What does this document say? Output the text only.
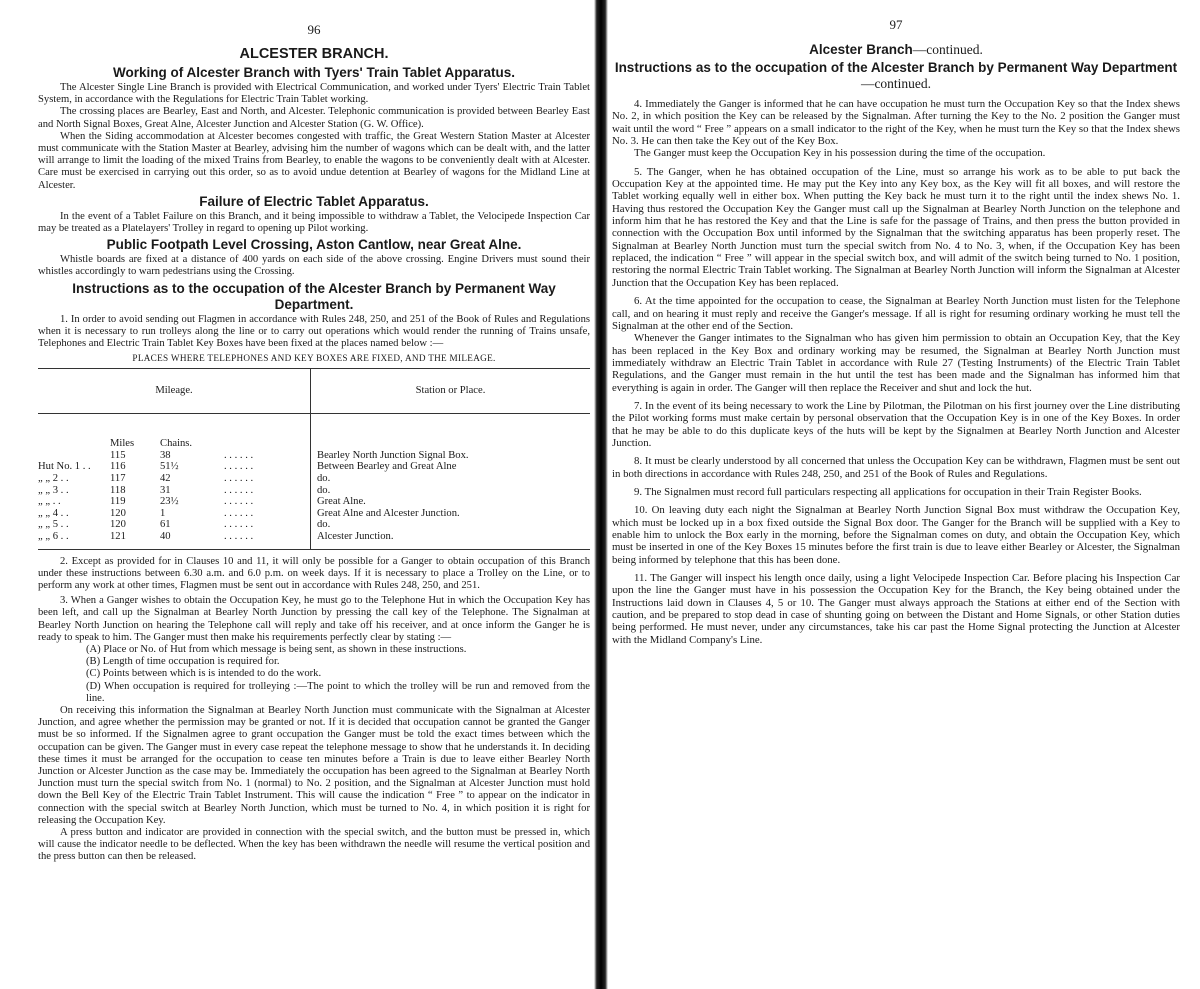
96
ALCESTER BRANCH.
Working of Alcester Branch with Tyers' Train Tablet Apparatus.

The Alcester Single Line Branch is provided with Electrical Communication, and worked under Tyers' Electric Train Tablet System, in accordance with the Regulations for Electric Train Tablet working.

The crossing places are Bearley, East and North, and Alcester. Telephonic communication is provided between Bearley East and North Signal Boxes, Great Alne, Alcester Junction and Alcester Station (G. W. Office).

When the Siding accommodation at Alcester becomes congested with traffic, the Great Western Station Master at Alcester must communicate with the Station Master at Bearley, advising him the number of wagons which can be dealt with, and the latter will arrange to limit the loading of the mixed Trains from Bearley, to enable the wagons to be conveniently dealt with at Alcester. Care must be exercised in carrying out this order, so as to avoid undue detention at Bearley of wagons for the Midland Line at Alcester.

Failure of Electric Tablet Apparatus.

In the event of a Tablet Failure on this Branch, and it being impossible to withdraw a Tablet, the Velocipede Inspection Car may be treated as a Platelayers' Trolley in regard to opening up Pilot working.

Public Footpath Level Crossing, Aston Cantlow, near Great Alne.

Whistle boards are fixed at a distance of 400 yards on each side of the above crossing. Engine Drivers must sound their whistles accordingly to warn pedestrians using the Crossing.

Instructions as to the occupation of the Alcester Branch by Permanent Way Department.

1. In order to avoid sending out Flagmen in accordance with Rules 248, 250, and 251 of the Book of Rules and Regulations when it is necessary to run trolleys along the line or to carry out operations which would render the running of Trains unsafe, Telephones and Electric Train Tablet Key Boxes have been fixed at the places named below :—

PLACES WHERE TELEPHONES AND KEY BOXES ARE FIXED, AND THE MILEAGE.
Mileage.				Station or Place.

	Miles	Chains.		
	115	38	. . . . . .	Bearley North Junction Signal Box.
Hut No. 1 . .	116	51½	. . . . . .	Between Bearley and Great Alne
„ „ 2 . .	117	42	. . . . . .	do.
„ „ 3 . .	118	31	. . . . . .	do.
„ „ . .	119	23½	. . . . . .	Great Alne.
„ „ 4 . .	120	1	. . . . . .	Great Alne and Alcester Junction.
„ „ 5 . .	120	61	. . . . . .	do.
„ „ 6 . .	121	40	. . . . . .	Alcester Junction.

2. Except as provided for in Clauses 10 and 11, it will only be possible for a Ganger to obtain occupation of this Branch under these instructions between 6.30 a.m. and 6.0 p.m. on week days. If it is necessary to place a Trolley on the Line, or to perform any work at other times, Flagmen must be sent out in accordance with Rules 248, 250, and 251.

3. When a Ganger wishes to obtain the Occupation Key, he must go to the Telephone Hut in which the Occupation Key has been left, and call up the Signalman at Bearley North Junction by pressing the call key of the Telephone. The Signalman at Bearley North Junction on hearing the Telephone call will reply and take off his receiver, and at once inform the Ganger he is ready to speak to him. The Ganger must then make his requirements perfectly clear by stating :—

(A) Place or No. of Hut from which message is being sent, as shown in these instructions.

(B) Length of time occupation is required for.

(C) Points between which is is intended to do the work.

(D) When occupation is required for trolleying :—The point to which the trolley will be run and removed from the line.

On receiving this information the Signalman at Bearley North Junction must communicate with the Signalman at Alcester Junction, and agree whether the permission may be granted or not. If it is decided that occupation cannot be granted the Ganger must be so informed. If the Signalmen agree to grant occupation the Ganger must be told the exact times between which the occupation can be given. The Ganger must in every case repeat the telephone message to show that he understands it. In deciding these times it must be arranged for the occupation to cease ten minutes before a Train is due to leave either Bearley North Junction or Alcester Junction as the case may be. Immediately the occupation has been agreed to the Signalman at Bearley North Junction must turn the special switch from No. 1 (normal) to No. 2 position, and the Signalman at Alcester Junction must hold down the Bell Key of the Electric Train Tablet Instrument. This will cause the indication “ Free ” to appear on the indicator in connection with the special switch at Bearley North Junction, which must be turned to No. 4, in which position it is right for releasing the Occupation Key.

A press button and indicator are provided in connection with the special switch, and the button must be pressed in, which will cause the indicator needle to be deflected. When the key has been withdrawn the needle will resume the vertical position and the press button can then be released.

97
Alcester Branch—continued.
Instructions as to the occupation of the Alcester Branch by Permanent Way Department—continued.

4. Immediately the Ganger is informed that he can have occupation he must turn the Occupation Key so that the Index shews No. 2, in which position the Key can be released by the Signalman. After turning the Key to the No. 2 position the Ganger must wait until the word “ Free ” appears on a small indicator to the right of the Key, when he must turn the Key so that the Index shews No. 3. He can then take the Key out of the Key Box.

The Ganger must keep the Occupation Key in his possession during the time of the occupation.

5. The Ganger, when he has obtained occupation of the Line, must so arrange his work as to be able to put back the Occupation Key at the appointed time. He may put the Key into any Key box, as the Key will fit all boxes, and will restore the Tablet working equally well in either box. When putting the Key back he must turn it to the right until the index shews No. 1. Having thus restored the Occupation Key the Ganger must call up the Signalman at Bearley North Junction on the telephone and inform him that he has restored the Key and that the Line is safe for the passage of Trains, and then press the button provided in connection with the Occupation Box until informed by the Signalman that the switching apparatus has been properly reset. The Signalman at Bearley North Junction must turn the special switch from No. 4 to No. 3, when, if the Occupation Key has been replaced, the indication “ Free ” will appear in the special switch box, and will admit of the switch being turned to No. 1 position, restoring the normal Electric Train Tablet working. The Signalman at Bearley North Junction will inform the Signalman at Alcester Junction that the Occupation Key has been replaced.

6. At the time appointed for the occupation to cease, the Signalman at Bearley North Junction must listen for the Telephone call, and on hearing it must reply and receive the Ganger's message. If all is right for resuming ordinary working he must tell the Signalman at the other end of the Section.

Whenever the Ganger intimates to the Signalman who has given him permission to obtain an Occupation Key, that the Key has been replaced in the Key Box and ordinary working may be resumed, the Signalman at Bearley North Junction must immediately withdraw an Electric Train Tablet in accordance with Rule 27 (Testing Instruments) of the Electric Train Tablet Regulations, and the Ganger must remain in the hut until the test has been made and the Signalman has informed him that everything is again in order. The Ganger will then replace the Receiver and shut and lock the hut.

7. In the event of its being necessary to work the Line by Pilotman, the Pilotman on his first journey over the Line distributing the Pilot working forms must make certain by personal observation that the Occupation Key is in one of the Key Boxes. In order that he may be able to do this duplicate keys of the huts will be kept by the Signalmen at Bearley North Junction and Alcester Junction.

8. It must be clearly understood by all concerned that unless the Occupation Key can be withdrawn, Flagmen must be sent out in both directions in accordance with Rules 248, 250, and 251 of the Book of Rules and Regulations.

9. The Signalmen must record full particulars respecting all applications for occupation in their Train Register Books.

10. On leaving duty each night the Signalman at Bearley North Junction Signal Box must withdraw the Occupation Key, which must be locked up in a box fixed outside the Signal Box door. The Ganger for the Branch will be supplied with a Key to enable him to unlock the Box early in the morning, before the Signalman comes on duty, and obtain the Occupation Key, which must be inserted in one of the Key Boxes 15 minutes before the first train is due to leave either Bearley or Alcester, the Signalman being informed by telephone that this has been done.

11. The Ganger will inspect his length once daily, using a light Velocipede Inspection Car. Before placing his Inspection Car upon the line the Ganger must have in his possession the Occupation Key for the Branch, the Key being obtained under the Instructions laid down in Clauses 4, 5 or 10. The Ganger must always approach the Stations at either end of the Section with caution, and be prepared to stop dead in case of shunting going on between the Distant and Home Signals, or other Station duties being performed. He must never, under any circumstances, take his car past the Home Signal protecting the Junction at Alcester with the Midland Company's Line.
